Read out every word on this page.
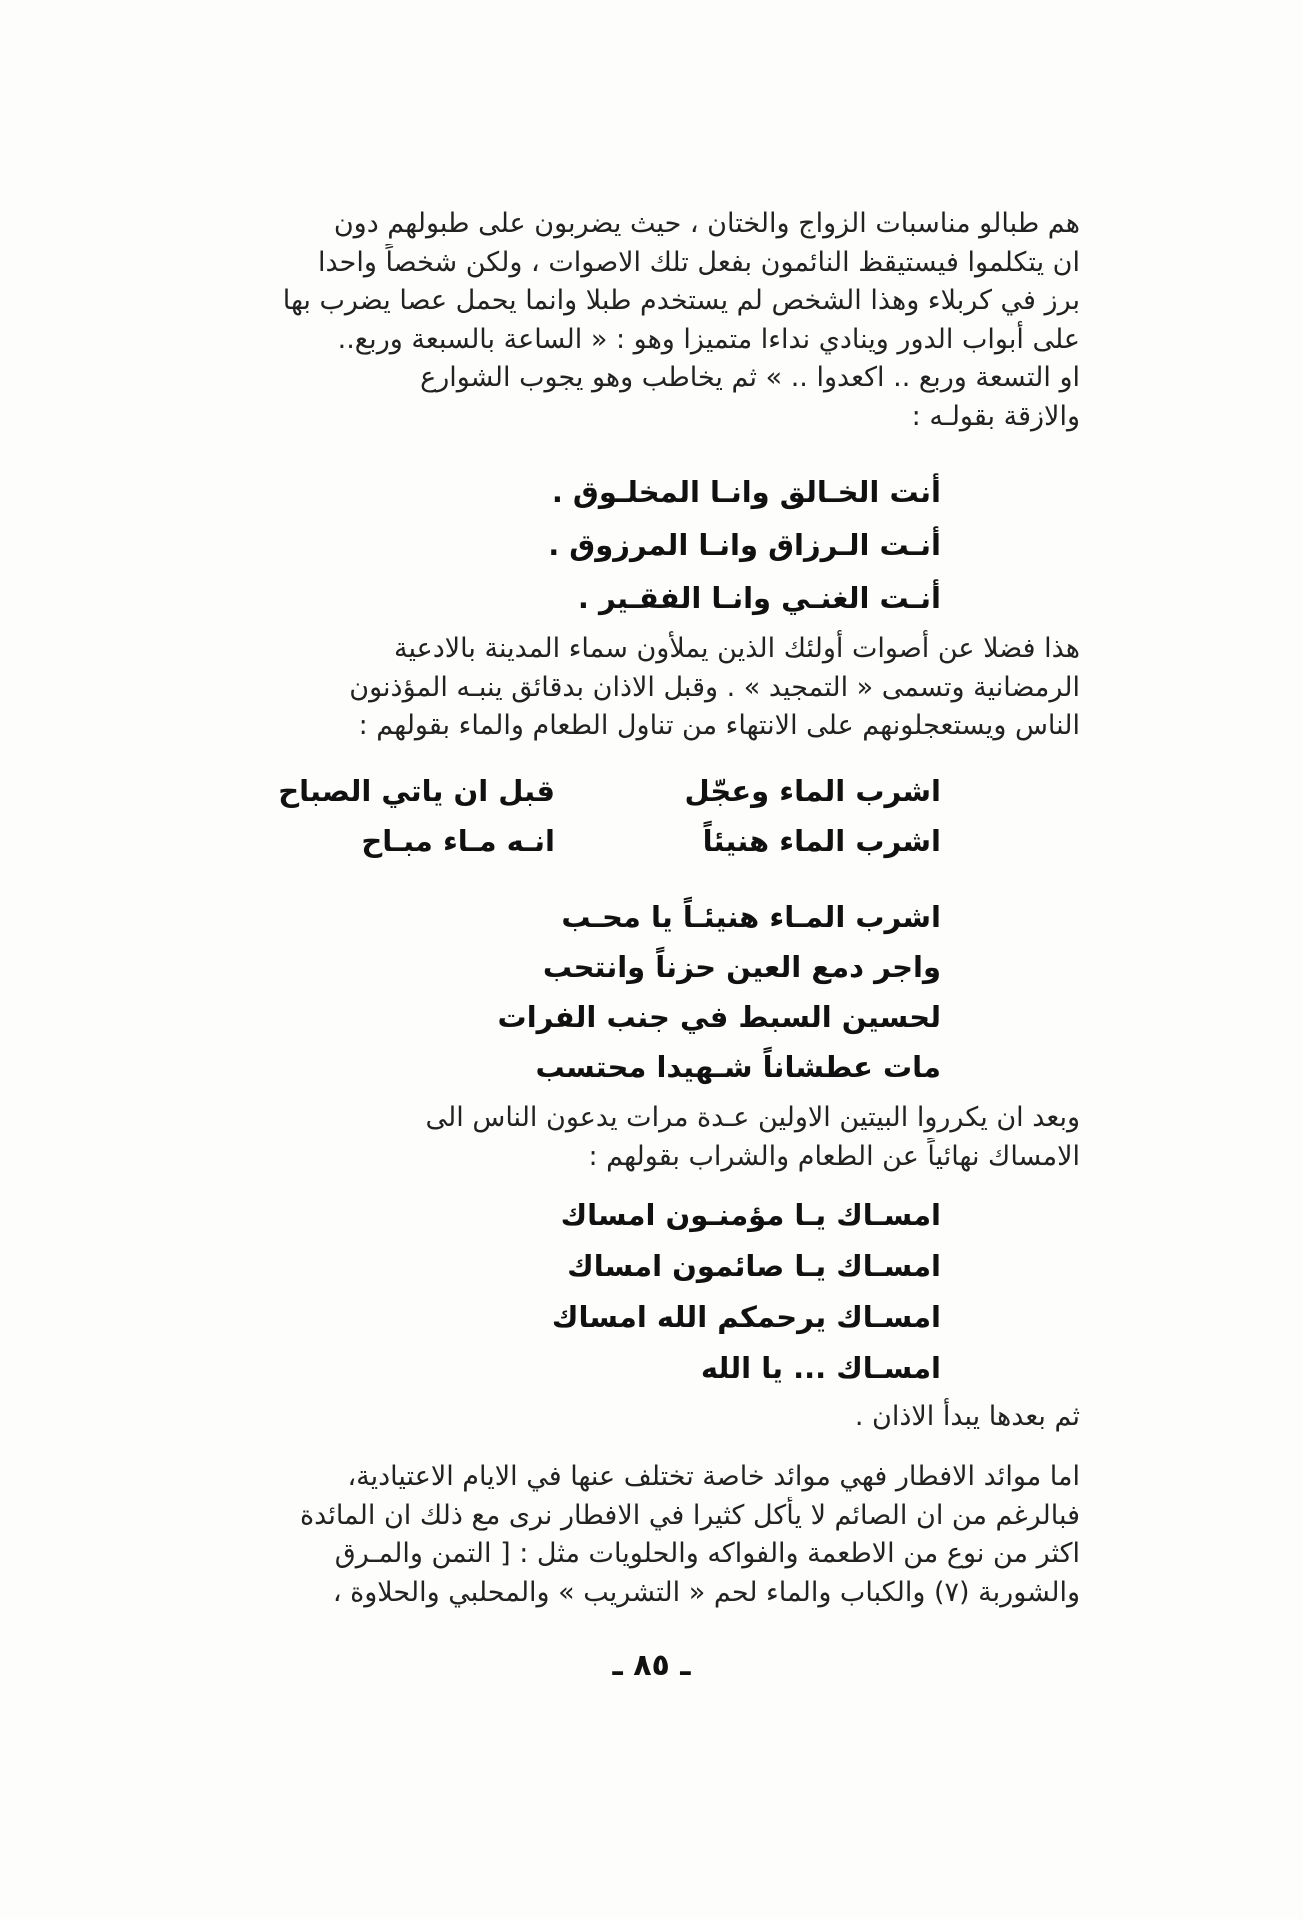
هم طبالو مناسبات الزواج والختان ، حيث يضربون على طبولهم دون
ان يتكلموا فيستيقظ النائمون بفعل تلك الاصوات ، ولكن شخصاً واحدا
برز في كربلاء وهذا الشخص لم يستخدم طبلا وانما يحمل عصا يضرب بها
على أبواب الدور وينادي نداءا متميزا وهو : « الساعة بالسبعة وربع..
او التسعة وربع .. اكعدوا .. » ثم يخاطب وهو يجوب الشوارع
والازقة بقولـه :
أنت الخـالق وانـا المخلـوق .
أنـت الـرزاق وانـا المرزوق .
أنـت الغنـي وانـا الفقـير .
هذا فضلا عن أصوات أولئك الذين يملأون سماء المدينة بالادعية
الرمضانية وتسمى « التمجيد » . وقبل الاذان بدقائق ينبـه المؤذنون
الناس ويستعجلونهم على الانتهاء من تناول الطعام والماء بقولهم :
اشرب الماء وعجّل
قبل ان ياتي الصباح
اشرب الماء هنيئاً
انـه مـاء مبـاح
اشرب المـاء هنيئـاً يا محـب
واجر دمع العين حزناً وانتحب
لحسين السبط في جنب الفرات
مات عطشاناً شـهيدا محتسب
وبعد ان يكرروا البيتين الاولين عـدة مرات يدعون الناس الى
الامساك نهائياً عن الطعام والشراب بقولهم :
امسـاك يـا مؤمنـون امساك
امسـاك يـا صائمون امساك
امسـاك يرحمكم الله امساك
امسـاك ... يا الله
ثم بعدها يبدأ الاذان .
اما موائد الافطار فهي موائد خاصة تختلف عنها في الايام الاعتيادية،
فبالرغم من ان الصائم لا يأكل كثيرا في الافطار نرى مع ذلك ان المائدة
اكثر من نوع من الاطعمة والفواكه والحلويات مثل : [ التمن والمـرق
والشوربة (٧) والكباب والماء لحم « التشريب » والمحلبي والحلاوة ،
ـ ٨٥ ـ
